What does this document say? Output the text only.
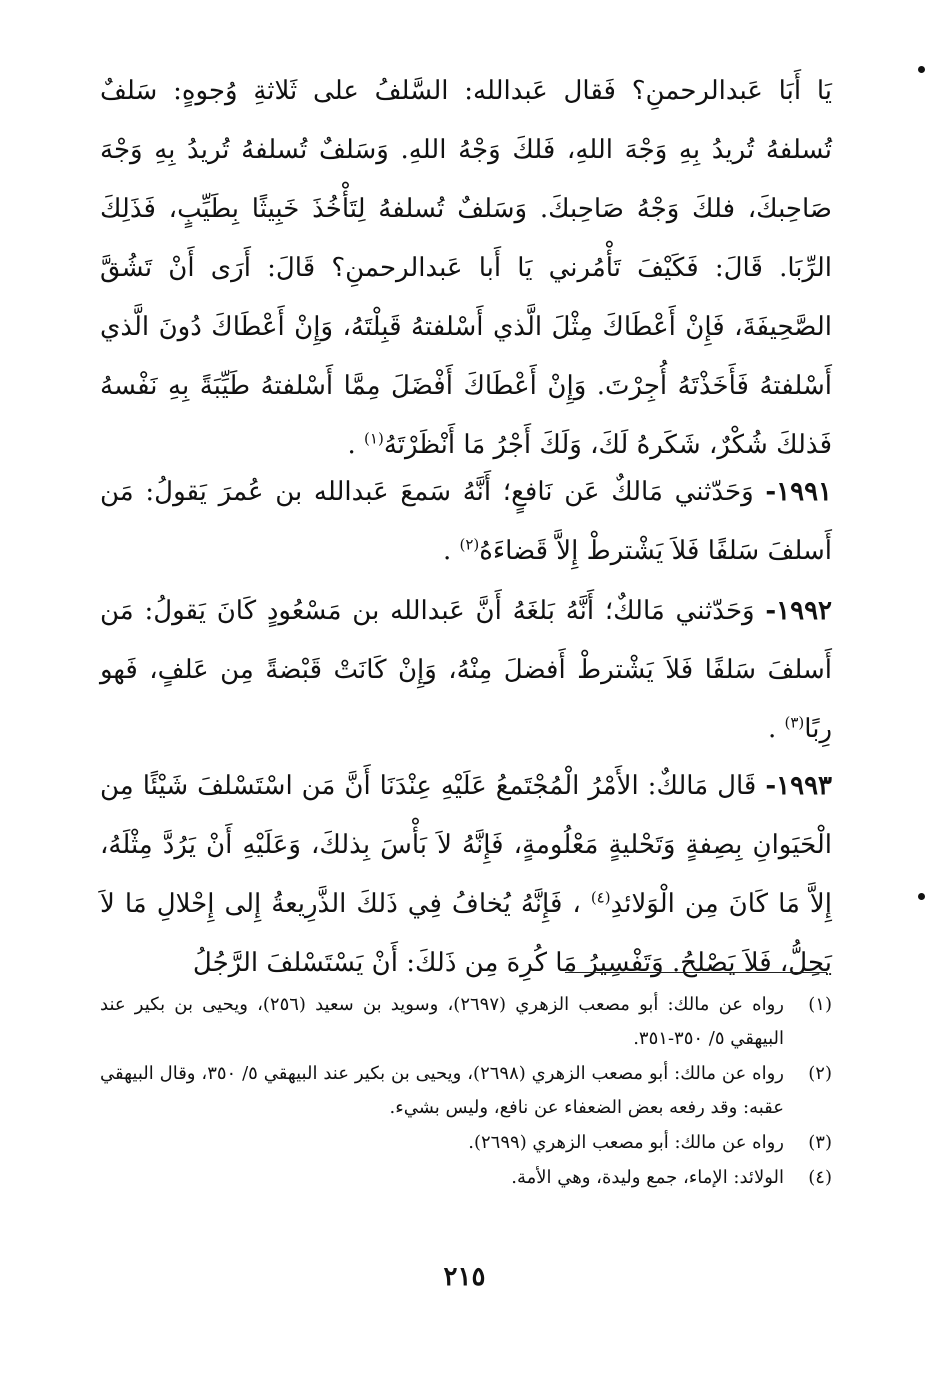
يَا أَبَا عَبدالرحمنِ؟ فَقال عَبدالله: السَّلفُ على ثَلاثةِ وُجوهٍ: سَلفٌ تُسلفهُ تُريدُ بِهِ وَجْهَ اللهِ، فَلكَ وَجْهُ اللهِ. وَسَلفٌ تُسلفهُ تُريدُ بِهِ وَجْهَ صَاحِبكَ، فلكَ وَجْهُ صَاحِبكَ. وَسَلفٌ تُسلفهُ لِتَأْخُذَ خَبِيثًا بِطَيِّبٍ، فَذَلِكَ الرِّبَا. قَالَ: فَكَيْفَ تَأْمُرني يَا أَبا عَبدالرحمنِ؟ قَالَ: أَرَى أَنْ تَشُقَّ الصَّحِيفَةَ، فَإِنْ أَعْطَاكَ مِثْلَ الَّذي أَسْلفتهُ قَبِلْتَهُ، وَإِنْ أَعْطَاكَ دُونَ الَّذي أَسْلفتهُ فَأَخَذْتَهُ أُجِرْتَ. وَإِنْ أَعْطَاكَ أَفْضَلَ مِمَّا أَسْلفتهُ طَيِّبَةً بِهِ نَفْسهُ فَذلكَ شُكْرٌ، شَكَرهُ لَكَ، وَلَكَ أَجْرُ مَا أَنْظَرْتَهُ$^{(١)}$ .

١٩٩١- وَحَدّثني مَالكٌ عَن نَافعٍ؛ أَنَّهُ سَمعَ عَبدالله بن عُمرَ يَقولُ: مَن أَسلفَ سَلفًا فَلاَ يَشْترطْ إِلاَّ قَضاءَهُ$^{(٢)}$ .

١٩٩٢- وَحَدّثني مَالكٌ؛ أَنَّهُ بَلغَهُ أَنَّ عَبدالله بن مَسْعُودٍ كَانَ يَقولُ: مَن أَسلفَ سَلفًا فَلاَ يَشْترطْ أَفضلَ مِنْهُ، وَإِنْ كَانَتْ قَبْضةً مِن عَلفٍ، فَهو رِبًا$^{(٣)}$ .

١٩٩٣- قَال مَالكٌ: الأَمْرُ الْمُجْتَمعُ عَلَيْهِ عِنْدَنَا أَنَّ مَن اسْتَسْلفَ شَيْئًا مِن الْحَيَوانِ بِصِفةٍ وَتَحْليةٍ مَعْلُومةٍ، فَإِنَّهُ لاَ بَأْسَ بِذلكَ، وَعَلَيْهِ أَنْ يَرُدَّ مِثْلَهُ، إِلاَّ مَا كَانَ مِن الْوَلائدِ$^{(٤)}$ ، فَإِنَّهُ يُخافُ فِي ذَلكَ الذَّرِيعةُ إِلى إِحْلالِ مَا لاَ يَحِلُّ، فَلاَ يَصْلحُ. وَتَفْسِيرُ مَا كُرِهَ مِن ذَلكَ: أَنْ يَسْتَسْلفَ الرَّجُلُ

(١)
رواه عن مالك: أبو مصعب الزهري (٢٦٩٧)، وسويد بن سعيد (٢٥٦)، ويحيى بن بكير عند البيهقي ٥/ ٣٥٠-٣٥١.
(٢)
رواه عن مالك: أبو مصعب الزهري (٢٦٩٨)، ويحيى بن بكير عند البيهقي ٥/ ٣٥٠، وقال البيهقي عقبه: وقد رفعه بعض الضعفاء عن نافع، وليس بشيء.
(٣)
رواه عن مالك: أبو مصعب الزهري (٢٦٩٩).
(٤)
الولائد: الإماء، جمع وليدة، وهي الأمة.
٢١٥
